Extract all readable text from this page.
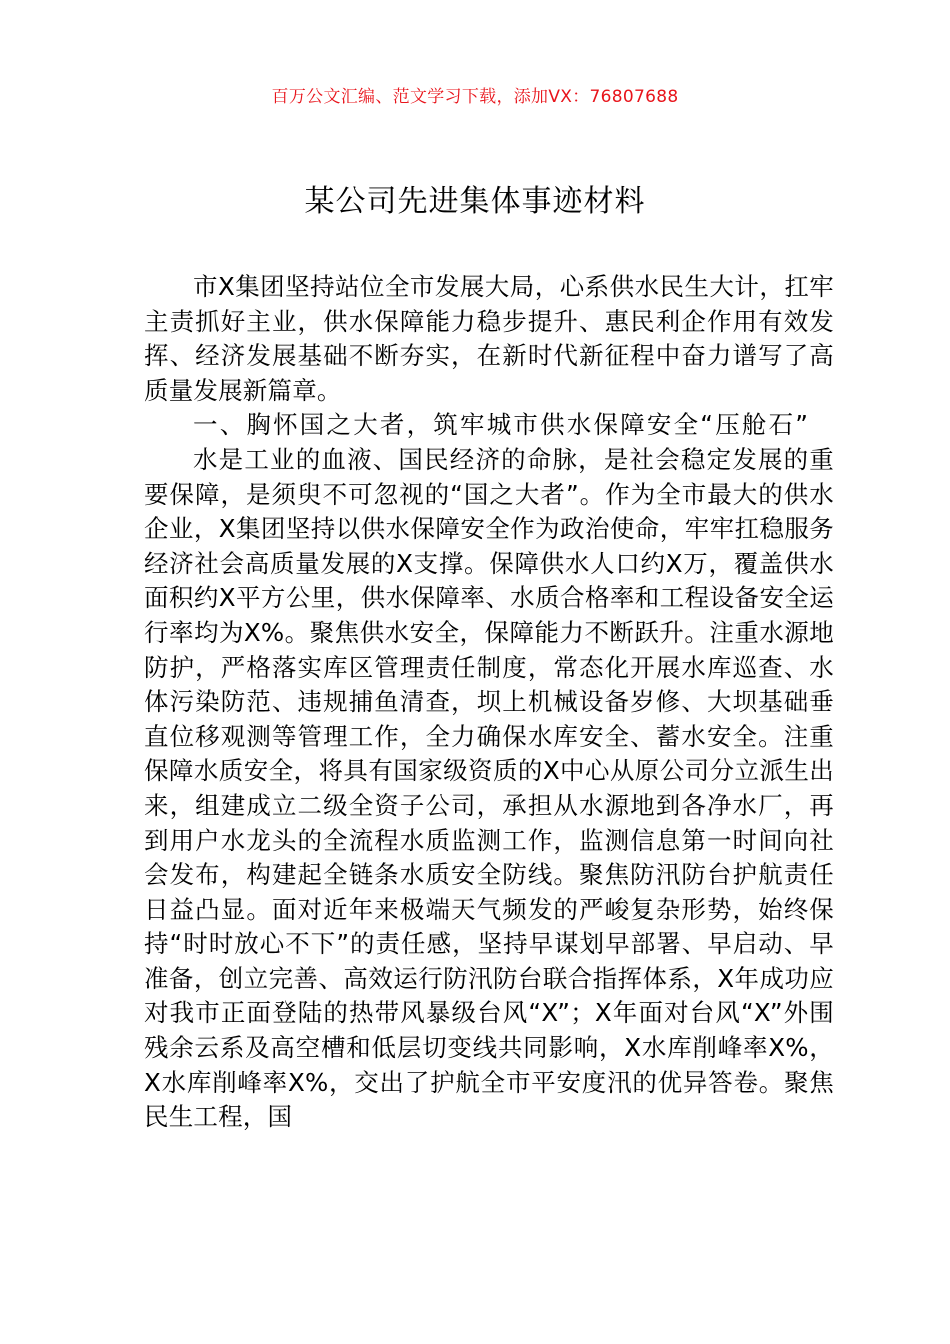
百万公文汇编、范文学习下载，添加VX：76807688
某公司先进集体事迹材料

市X集团坚持站位全市发展大局，心系供水民生大计，扛牢主责抓好主业，供水保障能力稳步提升、惠民利企作用有效发挥、经济发展基础不断夯实，在新时代新征程中奋力谱写了高质量发展新篇章。

一、胸怀国之大者，筑牢城市供水保障安全“压舱石”

水是工业的血液、国民经济的命脉，是社会稳定发展的重要保障，是须臾不可忽视的“国之大者”。作为全市最大的供水企业，X集团坚持以供水保障安全作为政治使命，牢牢扛稳服务经济社会高质量发展的X支撑。保障供水人口约X万，覆盖供水面积约X平方公里，供水保障率、水质合格率和工程设备安全运行率均为X%。聚焦供水安全，保障能力不断跃升。注重水源地防护，严格落实库区管理责任制度，常态化开展水库巡查、水体污染防范、违规捕鱼清查，坝上机械设备岁修、大坝基础垂直位移观测等管理工作，全力确保水库安全、蓄水安全。注重保障水质安全，将具有国家级资质的X中心从原公司分立派生出来，组建成立二级全资子公司，承担从水源地到各净水厂，再到用户水龙头的全流程水质监测工作，监测信息第一时间向社会发布，构建起全链条水质安全防线。聚焦防汛防台护航责任日益凸显。面对近年来极端天气频发的严峻复杂形势，始终保持“时时放心不下”的责任感，坚持早谋划早部署、早启动、早准备，创立完善、高效运行防汛防台联合指挥体系，X年成功应对我市正面登陆的热带风暴级台风“X”；X年面对台风“X”外围残余云系及高空槽和低层切变线共同影响，X水库削峰率X%，X水库削峰率X%，交出了护航全市平安度汛的优异答卷。聚焦民生工程，国
